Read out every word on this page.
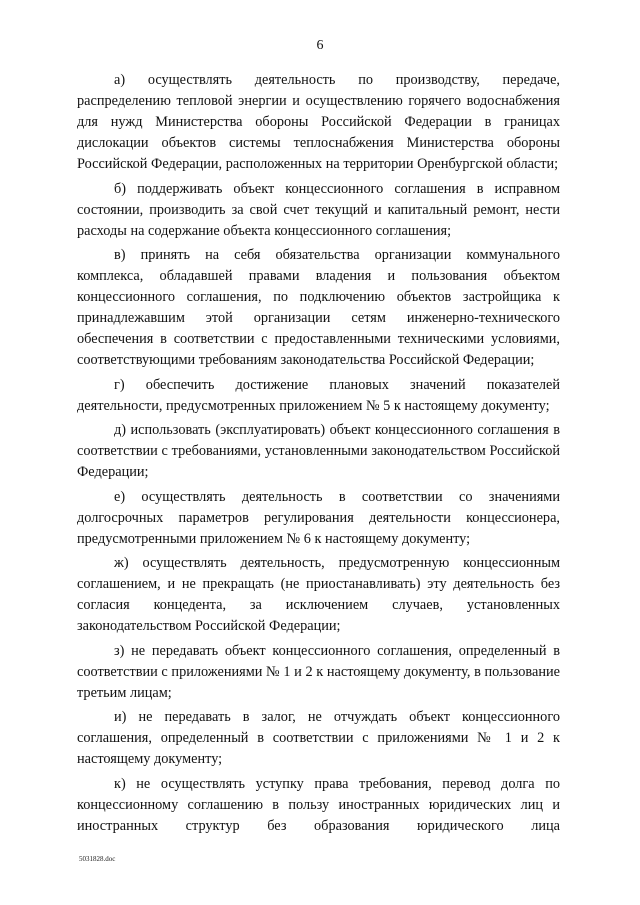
6

а) осуществлять деятельность по производству, передаче, распределению тепловой энергии и осуществлению горячего водоснабжения для нужд Министерства обороны Российской Федерации в границах дислокации объектов системы теплоснабжения Министерства обороны Российской Федерации, расположенных на территории Оренбургской области;

б) поддерживать объект концессионного соглашения в исправном состоянии, производить за свой счет текущий и капитальный ремонт, нести расходы на содержание объекта концессионного соглашения;

в) принять на себя обязательства организации коммунального комплекса, обладавшей правами владения и пользования объектом концессионного соглашения, по подключению объектов застройщика к принадлежавшим этой организации сетям инженерно-технического обеспечения в соответствии с предоставленными техническими условиями, соответствующими требованиям законодательства Российской Федерации;

г) обеспечить достижение плановых значений показателей деятельности, предусмотренных приложением № 5 к настоящему документу;

д) использовать (эксплуатировать) объект концессионного соглашения в соответствии с требованиями, установленными законодательством Российской Федерации;

е) осуществлять деятельность в соответствии со значениями долгосрочных параметров регулирования деятельности концессионера, предусмотренными приложением № 6 к настоящему документу;

ж) осуществлять деятельность, предусмотренную концессионным соглашением, и не прекращать (не приостанавливать) эту деятельность без согласия концедента, за исключением случаев, установленных законодательством Российской Федерации;

з) не передавать объект концессионного соглашения, определенный в соответствии с приложениями № 1 и 2 к настоящему документу, в пользование третьим лицам;

и) не передавать в залог, не отчуждать объект концессионного соглашения, определенный в соответствии с приложениями № 1 и 2 к настоящему документу;

к) не осуществлять уступку права требования, перевод долга по концессионному соглашению в пользу иностранных юридических лиц и иностранных структур без образования юридического лица

5031828.doc
